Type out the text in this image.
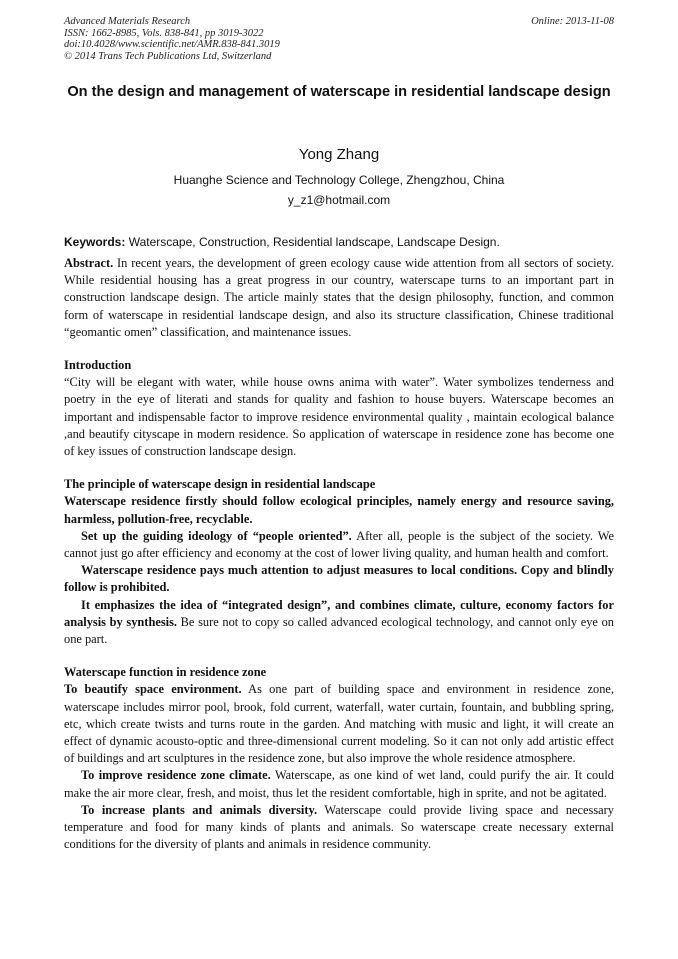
Advanced Materials Research
ISSN: 1662-8985, Vols. 838-841, pp 3019-3022
doi:10.4028/www.scientific.net/AMR.838-841.3019
© 2014 Trans Tech Publications Ltd, Switzerland
Online: 2013-11-08
On the design and management of waterscape in residential landscape design
Yong Zhang
Huanghe Science and Technology College, Zhengzhou, China
y_z1@hotmail.com
Keywords: Waterscape, Construction, Residential landscape, Landscape Design.

Abstract. In recent years, the development of green ecology cause wide attention from all sectors of society. While residential housing has a great progress in our country, waterscape turns to an important part in construction landscape design. The article mainly states that the design philosophy, function, and common form of waterscape in residential landscape design, and also its structure classification, Chinese traditional “geomantic omen” classification, and maintenance issues.

Introduction

“City will be elegant with water, while house owns anima with water”. Water symbolizes tenderness and poetry in the eye of literati and stands for quality and fashion to house buyers. Waterscape becomes an important and indispensable factor to improve residence environmental quality , maintain ecological balance ,and beautify cityscape in modern residence. So application of waterscape in residence zone has become one of key issues of construction landscape design.

The principle of waterscape design in residential landscape

Waterscape residence firstly should follow ecological principles, namely energy and resource saving, harmless, pollution-free, recyclable.

Set up the guiding ideology of “people oriented”. After all, people is the subject of the society. We cannot just go after efficiency and economy at the cost of lower living quality, and human health and comfort.

Waterscape residence pays much attention to adjust measures to local conditions. Copy and blindly follow is prohibited.

It emphasizes the idea of “integrated design”, and combines climate, culture, economy factors for analysis by synthesis. Be sure not to copy so called advanced ecological technology, and cannot only eye on one part.

Waterscape function in residence zone

To beautify space environment. As one part of building space and environment in residence zone, waterscape includes mirror pool, brook, fold current, waterfall, water curtain, fountain, and bubbling spring, etc, which create twists and turns route in the garden. And matching with music and light, it will create an effect of dynamic acousto-optic and three-dimensional current modeling. So it can not only add artistic effect of buildings and art sculptures in the residence zone, but also improve the whole residence atmosphere.

To improve residence zone climate. Waterscape, as one kind of wet land, could purify the air. It could make the air more clear, fresh, and moist, thus let the resident comfortable, high in sprite, and not be agitated.

To increase plants and animals diversity. Waterscape could provide living space and necessary temperature and food for many kinds of plants and animals. So waterscape create necessary external conditions for the diversity of plants and animals in residence community.
